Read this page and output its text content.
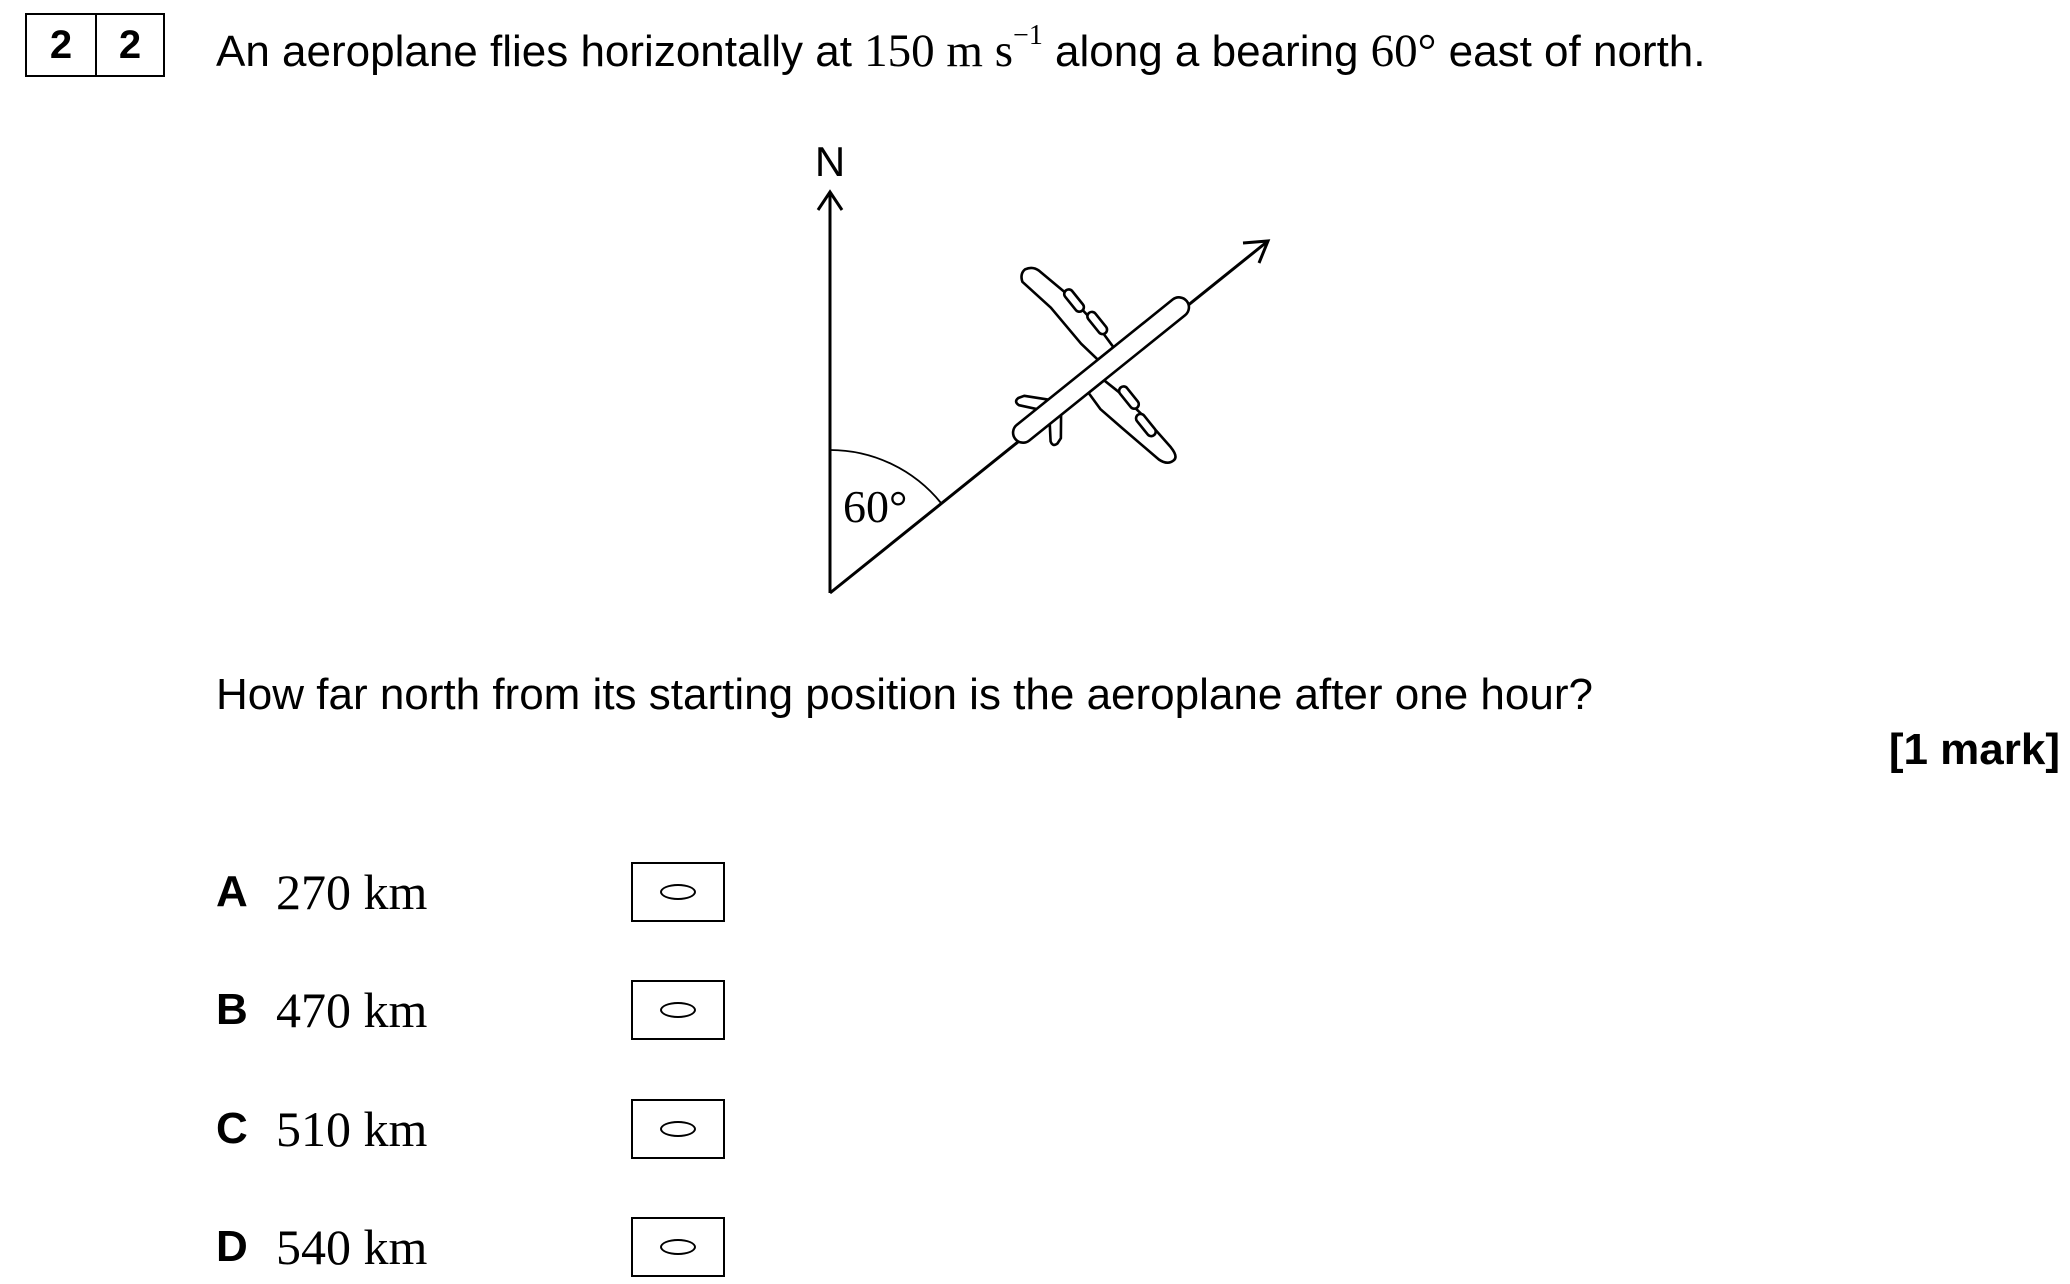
2	2	An aeroplane flies horizontally at 150 m $s^{-1}$ along a bearing 60° east of north.
N
60°
How far north from its starting position is the aeroplane after one hour?
[1 mark]
A 270 km
B 470 km
C 510 km
D 540 km
